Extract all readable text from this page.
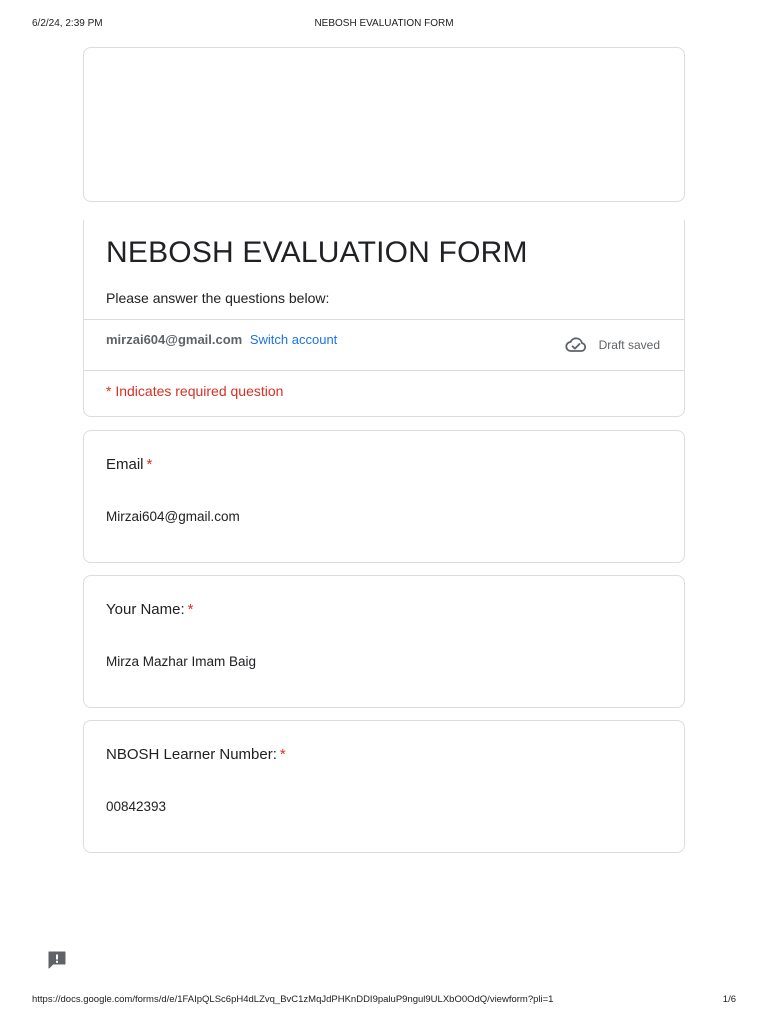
6/2/24, 2:39 PM	NEBOSH EVALUATION FORM
NEBOSH EVALUATION FORM
Please answer the questions below:
mirzai604@gmail.com Switch account	Draft saved
* Indicates required question
Email *
Mirzai604@gmail.com
Your Name: *
Mirza Mazhar Imam Baig
NBOSH Learner Number: *
00842393
https://docs.google.com/forms/d/e/1FAIpQLSc6pH4dLZvq_BvC1zMqJdPHKnDDI9paluP9ngul9ULXbO0OdQ/viewform?pli=1	1/6
